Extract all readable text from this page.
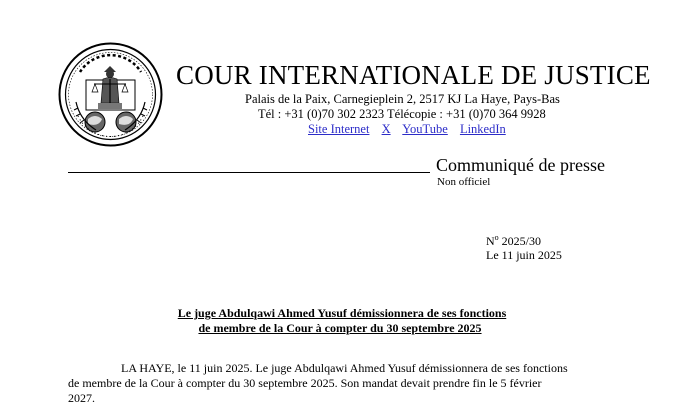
COUR INTERNATIONALE DE JUSTICE
Palais de la Paix, Carnegieplein 2, 2517 KJ La Haye, Pays-Bas
Tél : +31 (0)70 302 2323 Télécopie : +31 (0)70 364 9928
Site Internet X YouTube LinkedIn
Communiqué de presse
Non officiel
$N^o$ 2025/30
Le 11 juin 2025
Le juge Abdulqawi Ahmed Yusuf démissionnera de ses fonctions
de membre de la Cour à compter du 30 septembre 2025
LA HAYE, le 11 juin 2025. Le juge Abdulqawi Ahmed Yusuf démissionnera de ses fonctions
de membre de la Cour à compter du 30 septembre 2025. Son mandat devait prendre fin le 5 février
2027.
